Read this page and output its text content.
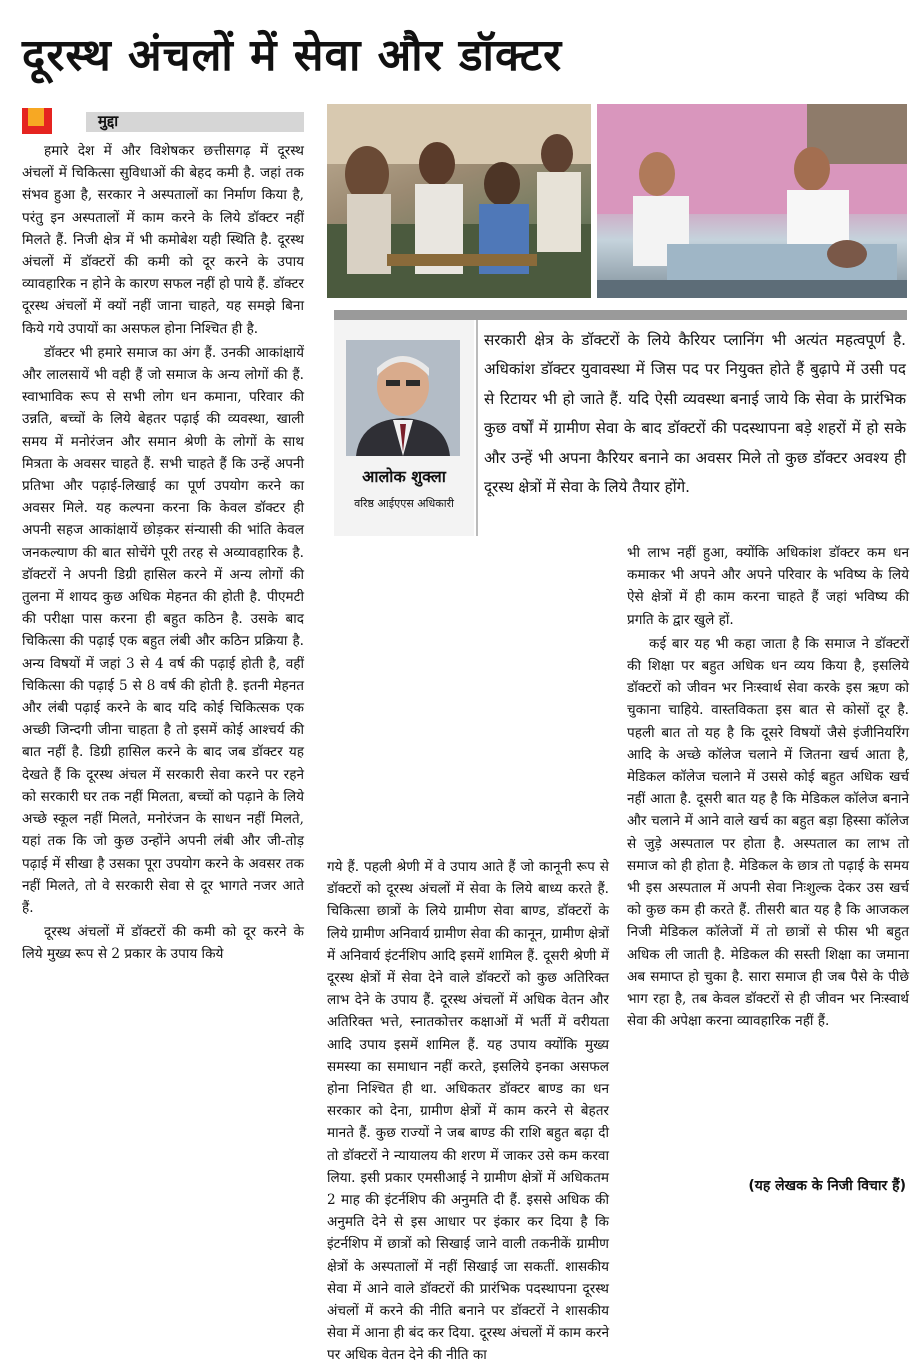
दूरस्थ अंचलों में सेवा और डॉक्टर
मुद्दा

हमारे देश में और विशेषकर छत्तीसगढ़ में दूरस्थ अंचलों में चिकित्सा सुविधाओं की बेहद कमी है. जहां तक संभव हुआ है, सरकार ने अस्पतालों का निर्माण किया है, परंतु इन अस्पतालों में काम करने के लिये डॉक्टर नहीं मिलते हैं. निजी क्षेत्र में भी कमोबेश यही स्थिति है. दूरस्थ अंचलों में डॉक्टरों की कमी को दूर करने के उपाय व्यावहारिक न होने के कारण सफल नहीं हो पाये हैं. डॉक्टर दूरस्थ अंचलों में क्यों नहीं जाना चाहते, यह समझे बिना किये गये उपायों का असफल होना निश्चित ही है.

डॉक्टर भी हमारे समाज का अंग हैं. उनकी आकांक्षायें और लालसायें भी वही हैं जो समाज के अन्य लोगों की हैं. स्वाभाविक रूप से सभी लोग धन कमाना, परिवार की उन्नति, बच्चों के लिये बेहतर पढ़ाई की व्यवस्था, खाली समय में मनोरंजन और समान श्रेणी के लोगों के साथ मित्रता के अवसर चाहते हैं. सभी चाहते हैं कि उन्हें अपनी प्रतिभा और पढ़ाई-लिखाई का पूर्ण उपयोग करने का अवसर मिले. यह कल्पना करना कि केवल डॉक्टर ही अपनी सहज आकांक्षायें छोड़कर संन्यासी की भांति केवल जनकल्याण की बात सोचेंगे पूरी तरह से अव्यावहारिक है. डॉक्टरों ने अपनी डिग्री हासिल करने में अन्य लोगों की तुलना में शायद कुछ अधिक मेहनत की होती है. पीएमटी की परीक्षा पास करना ही बहुत कठिन है. उसके बाद चिकित्सा की पढ़ाई एक बहुत लंबी और कठिन प्रक्रिया है. अन्य विषयों में जहां 3 से 4 वर्ष की पढ़ाई होती है, वहीं चिकित्सा की पढ़ाई 5 से 8 वर्ष की होती है. इतनी मेहनत और लंबी पढ़ाई करने के बाद यदि कोई चिकित्सक एक अच्छी जिन्दगी जीना चाहता है तो इसमें कोई आश्चर्य की बात नहीं है. डिग्री हासिल करने के बाद जब डॉक्टर यह देखते हैं कि दूरस्थ अंचल में सरकारी सेवा करने पर रहने को सरकारी घर तक नहीं मिलता, बच्चों को पढ़ाने के लिये अच्छे स्कूल नहीं मिलते, मनोरंजन के साधन नहीं मिलते, यहां तक कि जो कुछ उन्होंने अपनी लंबी और जी-तोड़ पढ़ाई में सीखा है उसका पूरा उपयोग करने के अवसर तक नहीं मिलते, तो वे सरकारी सेवा से दूर भागते नजर आते हैं.

दूरस्थ अंचलों में डॉक्टरों की कमी को दूर करने के लिये मुख्य रूप से 2 प्रकार के उपाय किये

आलोक शुक्ला
वरिष्ठ आईएएस अधिकारी
सरकारी क्षेत्र के डॉक्टरों के लिये कैरियर प्लानिंग भी अत्यंत महत्वपूर्ण है. अधिकांश डॉक्टर युवावस्था में जिस पद पर नियुक्त होते हैं बुढ़ापे में उसी पद से रिटायर भी हो जाते हैं. यदि ऐसी व्यवस्था बनाई जाये कि सेवा के प्रारंभिक कुछ वर्षों में ग्रामीण सेवा के बाद डॉक्टरों की पदस्थापना बड़े शहरों में हो सके और उन्हें भी अपना कैरियर बनाने का अवसर मिले तो कुछ डॉक्टर अवश्य ही दूरस्थ क्षेत्रों में सेवा के लिये तैयार होंगे.

गये हैं. पहली श्रेणी में वे उपाय आते हैं जो कानूनी रूप से डॉक्टरों को दूरस्थ अंचलों में सेवा के लिये बाध्य करते हैं. चिकित्सा छात्रों के लिये ग्रामीण सेवा बाण्ड, डॉक्टरों के लिये ग्रामीण अनिवार्य ग्रामीण सेवा की कानून, ग्रामीण क्षेत्रों में अनिवार्य इंटर्नशिप आदि इसमें शामिल हैं. दूसरी श्रेणी में दूरस्थ क्षेत्रों में सेवा देने वाले डॉक्टरों को कुछ अतिरिक्त लाभ देने के उपाय हैं. दूरस्थ अंचलों में अधिक वेतन और अतिरिक्त भत्ते, स्नातकोत्तर कक्षाओं में भर्ती में वरीयता आदि उपाय इसमें शामिल हैं. यह उपाय क्योंकि मुख्य समस्या का समाधान नहीं करते, इसलिये इनका असफल होना निश्चित ही था. अधिकतर डॉक्टर बाण्ड का धन सरकार को देना, ग्रामीण क्षेत्रों में काम करने से बेहतर मानते हैं. कुछ राज्यों ने जब बाण्ड की राशि बहुत बढ़ा दी तो डॉक्टरों ने न्यायालय की शरण में जाकर उसे कम करवा लिया. इसी प्रकार एमसीआई ने ग्रामीण क्षेत्रों में अधिकतम 2 माह की इंटर्नशिप की अनुमति दी हैं. इससे अधिक की अनुमति देने से इस आधार पर इंकार कर दिया है कि इंटर्नशिप में छात्रों को सिखाई जाने वाली तकनीकें ग्रामीण क्षेत्रों के अस्पतालों में नहीं सिखाई जा सकतीं. शासकीय सेवा में आने वाले डॉक्टरों की प्रारंभिक पदस्थापना दूरस्थ अंचलों में करने की नीति बनाने पर डॉक्टरों ने शासकीय सेवा में आना ही बंद कर दिया. दूरस्थ अंचलों में काम करने पर अधिक वेतन देने की नीति का

भी लाभ नहीं हुआ, क्योंकि अधिकांश डॉक्टर कम धन कमाकर भी अपने और अपने परिवार के भविष्य के लिये ऐसे क्षेत्रों में ही काम करना चाहते हैं जहां भविष्य की प्रगति के द्वार खुले हों.

कई बार यह भी कहा जाता है कि समाज ने डॉक्टरों की शिक्षा पर बहुत अधिक धन व्यय किया है, इसलिये डॉक्टरों को जीवन भर निःस्वार्थ सेवा करके इस ऋण को चुकाना चाहिये. वास्तविकता इस बात से कोसों दूर है. पहली बात तो यह है कि दूसरे विषयों जैसे इंजीनियरिंग आदि के अच्छे कॉलेज चलाने में जितना खर्च आता है, मेडिकल कॉलेज चलाने में उससे कोई बहुत अधिक खर्च नहीं आता है. दूसरी बात यह है कि मेडिकल कॉलेज बनाने और चलाने में आने वाले खर्च का बहुत बड़ा हिस्सा कॉलेज से जुड़े अस्पताल पर होता है. अस्पताल का लाभ तो समाज को ही होता है. मेडिकल के छात्र तो पढ़ाई के समय भी इस अस्पताल में अपनी सेवा निःशुल्क देकर उस खर्च को कुछ कम ही करते हैं. तीसरी बात यह है कि आजकल निजी मेडिकल कॉलेजों में तो छात्रों से फीस भी बहुत अधिक ली जाती है. मेडिकल की सस्ती शिक्षा का जमाना अब समाप्त हो चुका है. सारा समाज ही जब पैसे के पीछे भाग रहा है, तब केवल डॉक्टरों से ही जीवन भर निःस्वार्थ सेवा की अपेक्षा करना व्यावहारिक नहीं हैं.

(यह लेखक के निजी विचार हैं)
